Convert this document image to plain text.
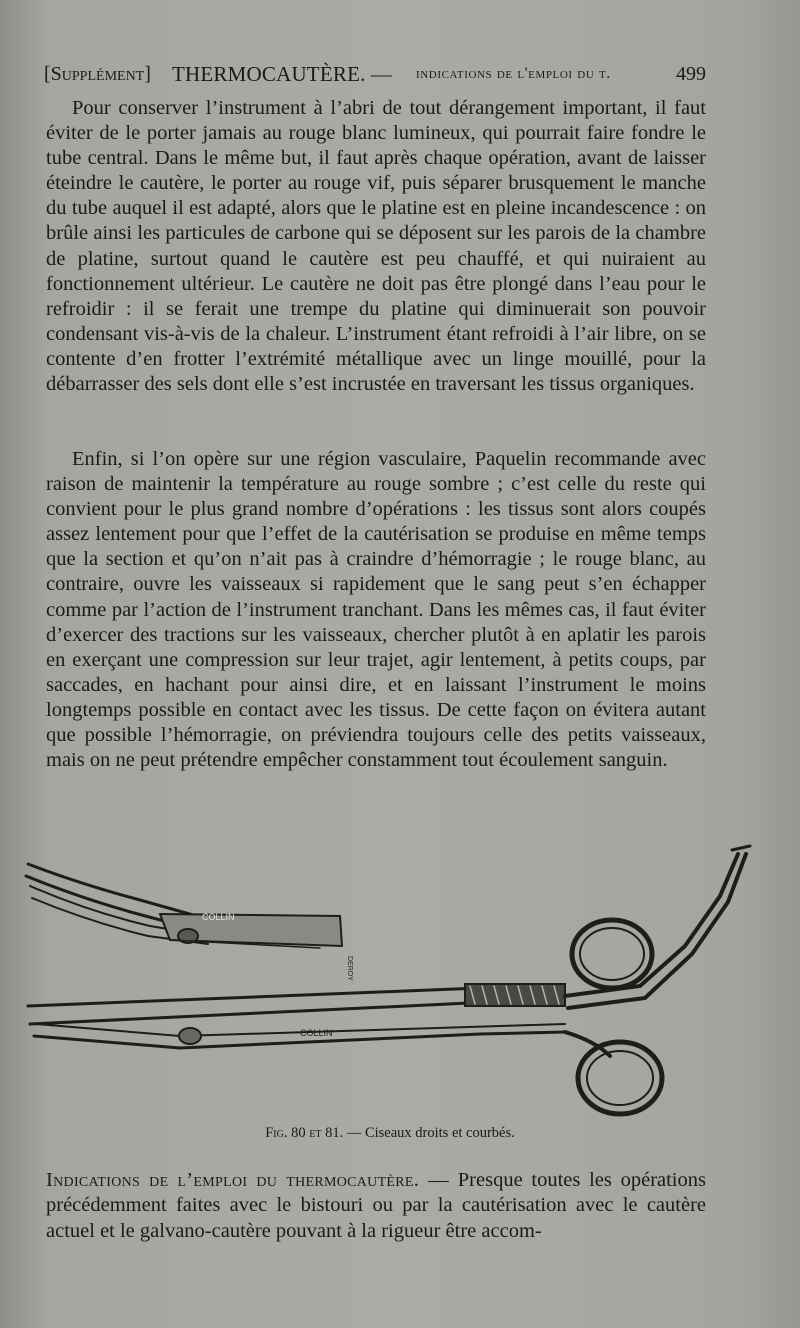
[Supplément] THERMOCAUTÈRE. — indications de l'emploi du t.	499

Pour conserver l’instrument à l’abri de tout dérangement important, il faut éviter de le porter jamais au rouge blanc lumineux, qui pourrait faire fondre le tube central. Dans le même but, il faut après chaque opération, avant de laisser éteindre le cautère, le porter au rouge vif, puis séparer brusquement le manche du tube auquel il est adapté, alors que le platine est en pleine incandescence : on brûle ainsi les particules de carbone qui se déposent sur les parois de la chambre de platine, surtout quand le cautère est peu chauffé, et qui nuiraient au fonctionnement ultérieur. Le cautère ne doit pas être plongé dans l’eau pour le refroidir : il se ferait une trempe du platine qui diminuerait son pouvoir condensant vis-à-vis de la chaleur. L’instrument étant refroidi à l’air libre, on se contente d’en frotter l’extrémité métallique avec un linge mouillé, pour la débarrasser des sels dont elle s’est incrustée en traversant les tissus organiques.

Enfin, si l’on opère sur une région vasculaire, Paquelin recommande avec raison de maintenir la température au rouge sombre ; c’est celle du reste qui convient pour le plus grand nombre d’opérations : les tissus sont alors coupés assez lentement pour que l’effet de la cautérisation se produise en même temps que la section et qu’on n’ait pas à craindre d’hémorragie ; le rouge blanc, au contraire, ouvre les vaisseaux si rapidement que le sang peut s’en échapper comme par l’action de l’instrument tranchant. Dans les mêmes cas, il faut éviter d’exercer des tractions sur les vaisseaux, chercher plutôt à en aplatir les parois en exerçant une compression sur leur trajet, agir lentement, à petits coups, par saccades, en hachant pour ainsi dire, et en laissant l’instrument le moins longtemps possible en contact avec les tissus. De cette façon on évitera autant que possible l’hémorragie, on préviendra toujours celle des petits vaisseaux, mais on ne peut prétendre empêcher constamment tout écoulement sanguin.

COLLIN
COLLIN
DEROY
Fig. 80 et 81. — Ciseaux droits et courbés.
Indications de l’emploi du thermocautère. — Presque toutes les opérations précédemment faites avec le bistouri ou par la cautérisation avec le cautère actuel et le galvano-cautère pouvant à la rigueur être accom-
